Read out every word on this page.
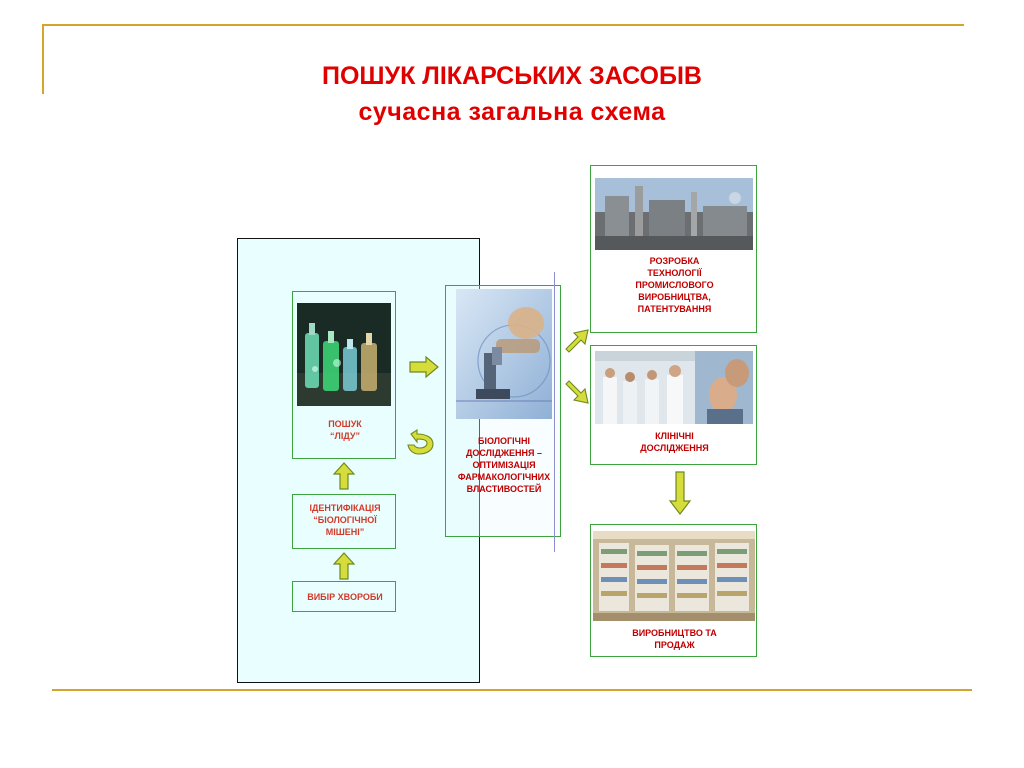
ПОШУК ЛІКАРСЬКИХ ЗАСОБІВ
сучасна загальна схема
ПОШУК
“ЛІДУ”
ІДЕНТИФІКАЦІЯ
“БІОЛОГІЧНОЇ
МІШЕНІ”
ВИБІР ХВОРОБИ
БІОЛОГІЧНІ
ДОСЛІДЖЕННЯ –
ОПТИМІЗАЦІЯ
ФАРМАКОЛОГІЧНИХ
ВЛАСТИВОСТЕЙ
РОЗРОБКА
ТЕХНОЛОГІЇ
ПРОМИСЛОВОГО
ВИРОБНИЦТВА,
ПАТЕНТУВАННЯ
КЛІНІЧНІ
ДОСЛІДЖЕННЯ
ВИРОБНИЦТВО ТА
ПРОДАЖ
